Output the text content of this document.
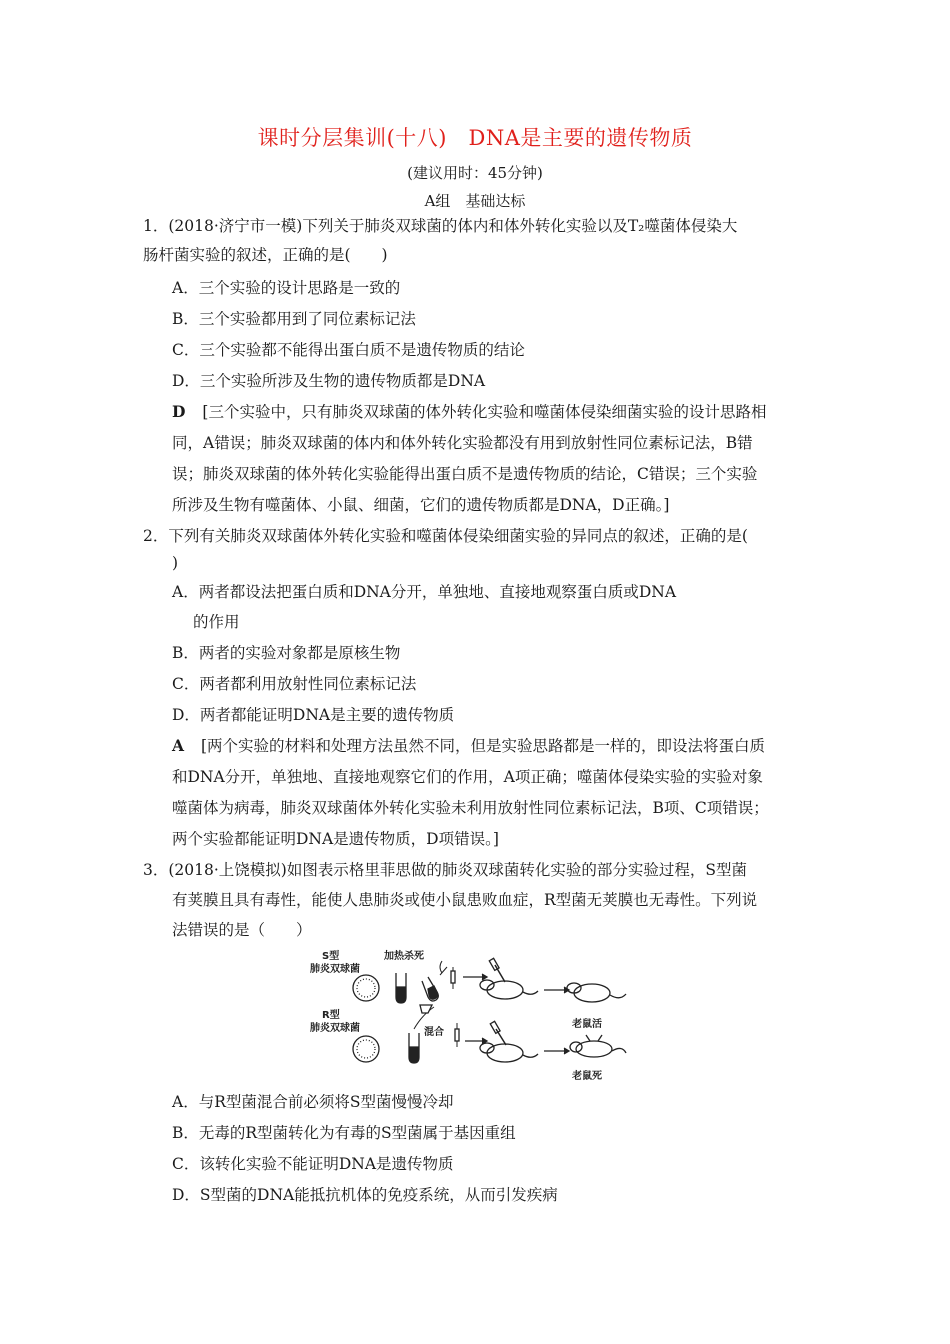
课时分层集训(十八)　DNA是主要的遗传物质
(建议用时：45分钟)
A组　基础达标
1．(2018·济宁市一模)下列关于肺炎双球菌的体内和体外转化实验以及T₂噬菌体侵染大
肠杆菌实验的叙述，正确的是(　　)
A．三个实验的设计思路是一致的
B．三个实验都用到了同位素标记法
C．三个实验都不能得出蛋白质不是遗传物质的结论
D．三个实验所涉及生物的遗传物质都是DNA
D [三个实验中，只有肺炎双球菌的体外转化实验和噬菌体侵染细菌实验的设计思路相
同，A错误；肺炎双球菌的体内和体外转化实验都没有用到放射性同位素标记法，B错
误；肺炎双球菌的体外转化实验能得出蛋白质不是遗传物质的结论，C错误；三个实验
所涉及生物有噬菌体、小鼠、细菌，它们的遗传物质都是DNA，D正确。]
2．下列有关肺炎双球菌体外转化实验和噬菌体侵染细菌实验的异同点的叙述，正确的是(
)
A．两者都设法把蛋白质和DNA分开，单独地、直接地观察蛋白质或DNA
的作用
B．两者的实验对象都是原核生物
C．两者都利用放射性同位素标记法
D．两者都能证明DNA是主要的遗传物质
A [两个实验的材料和处理方法虽然不同，但是实验思路都是一样的，即设法将蛋白质
和DNA分开，单独地、直接地观察它们的作用，A项正确；噬菌体侵染实验的实验对象
噬菌体为病毒，肺炎双球菌体外转化实验未利用放射性同位素标记法，B项、C项错误；
两个实验都能证明DNA是遗传物质，D项错误。]
3．(2018·上饶模拟)如图表示格里菲思做的肺炎双球菌转化实验的部分实验过程，S型菌
有荚膜且具有毒性，能使人患肺炎或使小鼠患败血症，R型菌无荚膜也无毒性。下列说
法错误的是（　　）
S型
肺炎双球菌
加热杀死
老鼠活
R型
肺炎双球菌	混合
老鼠死
A．与R型菌混合前必须将S型菌慢慢冷却
B．无毒的R型菌转化为有毒的S型菌属于基因重组
C．该转化实验不能证明DNA是遗传物质
D．S型菌的DNA能抵抗机体的免疫系统，从而引发疾病
